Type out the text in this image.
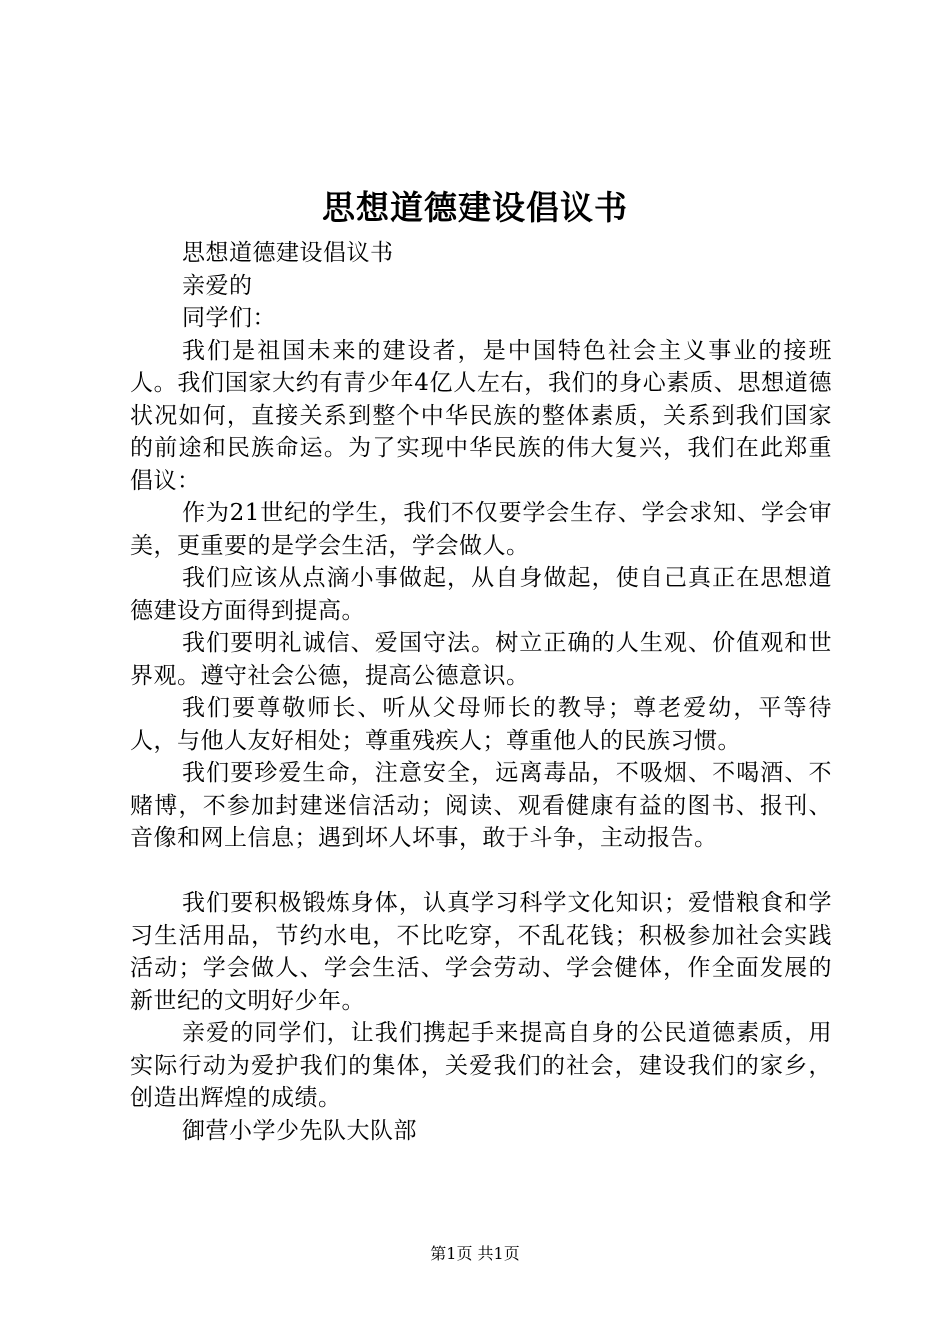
思想道德建设倡议书

思想道德建设倡议书

亲爱的

同学们：

我们是祖国未来的建设者，是中国特色社会主义事业的接班人。我们国家大约有青少年4亿人左右，我们的身心素质、思想道德状况如何，直接关系到整个中华民族的整体素质，关系到我们国家的前途和民族命运。为了实现中华民族的伟大复兴，我们在此郑重倡议：

作为21世纪的学生，我们不仅要学会生存、学会求知、学会审美，更重要的是学会生活，学会做人。

我们应该从点滴小事做起，从自身做起，使自己真正在思想道德建设方面得到提高。

我们要明礼诚信、爱国守法。树立正确的人生观、价值观和世界观。遵守社会公德，提高公德意识。

我们要尊敬师长、听从父母师长的教导；尊老爱幼，平等待人，与他人友好相处；尊重残疾人；尊重他人的民族习惯。

我们要珍爱生命，注意安全，远离毒品，不吸烟、不喝酒、不赌博，不参加封建迷信活动；阅读、观看健康有益的图书、报刊、音像和网上信息；遇到坏人坏事，敢于斗争，主动报告。

我们要积极锻炼身体，认真学习科学文化知识；爱惜粮食和学习生活用品，节约水电，不比吃穿，不乱花钱；积极参加社会实践活动；学会做人、学会生活、学会劳动、学会健体，作全面发展的新世纪的文明好少年。

亲爱的同学们，让我们携起手来提高自身的公民道德素质，用实际行动为爱护我们的集体，关爱我们的社会，建设我们的家乡，创造出辉煌的成绩。

御营小学少先队大队部

第1页 共1页
